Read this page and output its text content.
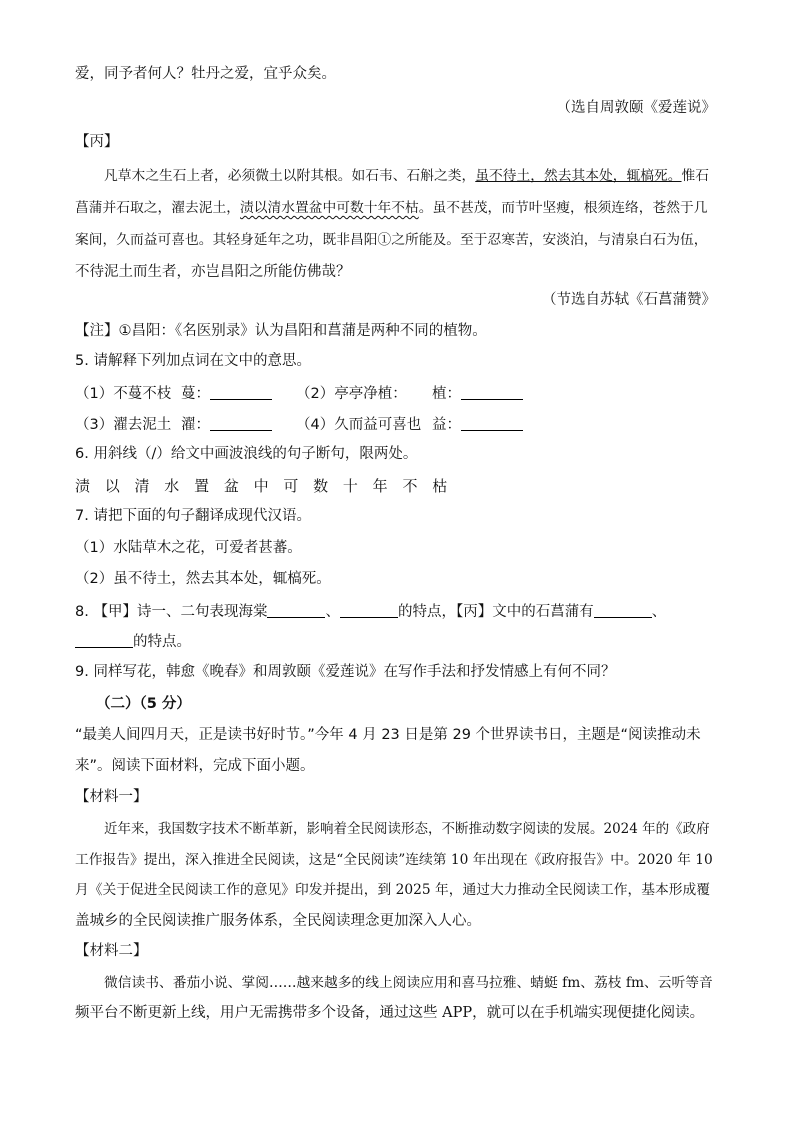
爱，同予者何人？牡丹之爱，宜乎众矣。
（选自周敦颐《爱莲说》
【丙】
凡草木之生石上者，必须微土以附其根。如石韦、石斛之类，虽不待土，然去其本处，辄槁死。惟石
菖蒲并石取之，濯去泥土，渍以清水置盆中可数十年不枯。虽不甚茂，而节叶坚瘦，根须连络，苍然于几
案间，久而益可喜也。其轻身延年之功，既非昌阳①之所能及。至于忍寒苦，安淡泊，与清泉白石为伍，
不待泥土而生者，亦岂昌阳之所能仿佛哉？
（节选自苏轼《石菖蒲赞》
【注】①昌阳：《名医别录》认为昌阳和菖蒲是两种不同的植物。
5. 请解释下列加点词在文中的意思。
（1）不蔓不枝 蔓：	（2）亭亭净植： 植：
（3）濯去泥土 濯：	（4）久而益可喜也 益：
6. 用斜线（/）给文中画波浪线的句子断句，限两处。
渍 以 清 水 置 盆 中 可 数 十 年 不 枯
7. 请把下面的句子翻译成现代汉语。
（1）水陆草木之花，可爱者甚蕃。
（2）虽不待土，然去其本处，辄槁死。
8. 【甲】诗一、二句表现海棠	、	的特点，【丙】文中的石菖蒲有	、
的特点。
9. 同样写花，韩愈《晚春》和周敦颐《爱莲说》在写作手法和抒发情感上有何不同？
（二）（5 分）
“最美人间四月天，正是读书好时节。”今年 4 月 23 日是第 29 个世界读书日，主题是“阅读推动未
来”。阅读下面材料，完成下面小题。
【材料一】
近年来，我国数字技术不断革新，影响着全民阅读形态，不断推动数字阅读的发展。2024 年的《政府
工作报告》提出，深入推进全民阅读，这是“全民阅读”连续第 10 年出现在《政府报告》中。2020 年 10
月《关于促进全民阅读工作的意见》印发并提出，到 2025 年，通过大力推动全民阅读工作，基本形成覆
盖城乡的全民阅读推广服务体系，全民阅读理念更加深入人心。
【材料二】
微信读书、番茄小说、掌阅……越来越多的线上阅读应用和喜马拉雅、蜻蜓 fm、荔枝 fm、云听等音
频平台不断更新上线，用户无需携带多个设备，通过这些 APP，就可以在手机端实现便捷化阅读。
